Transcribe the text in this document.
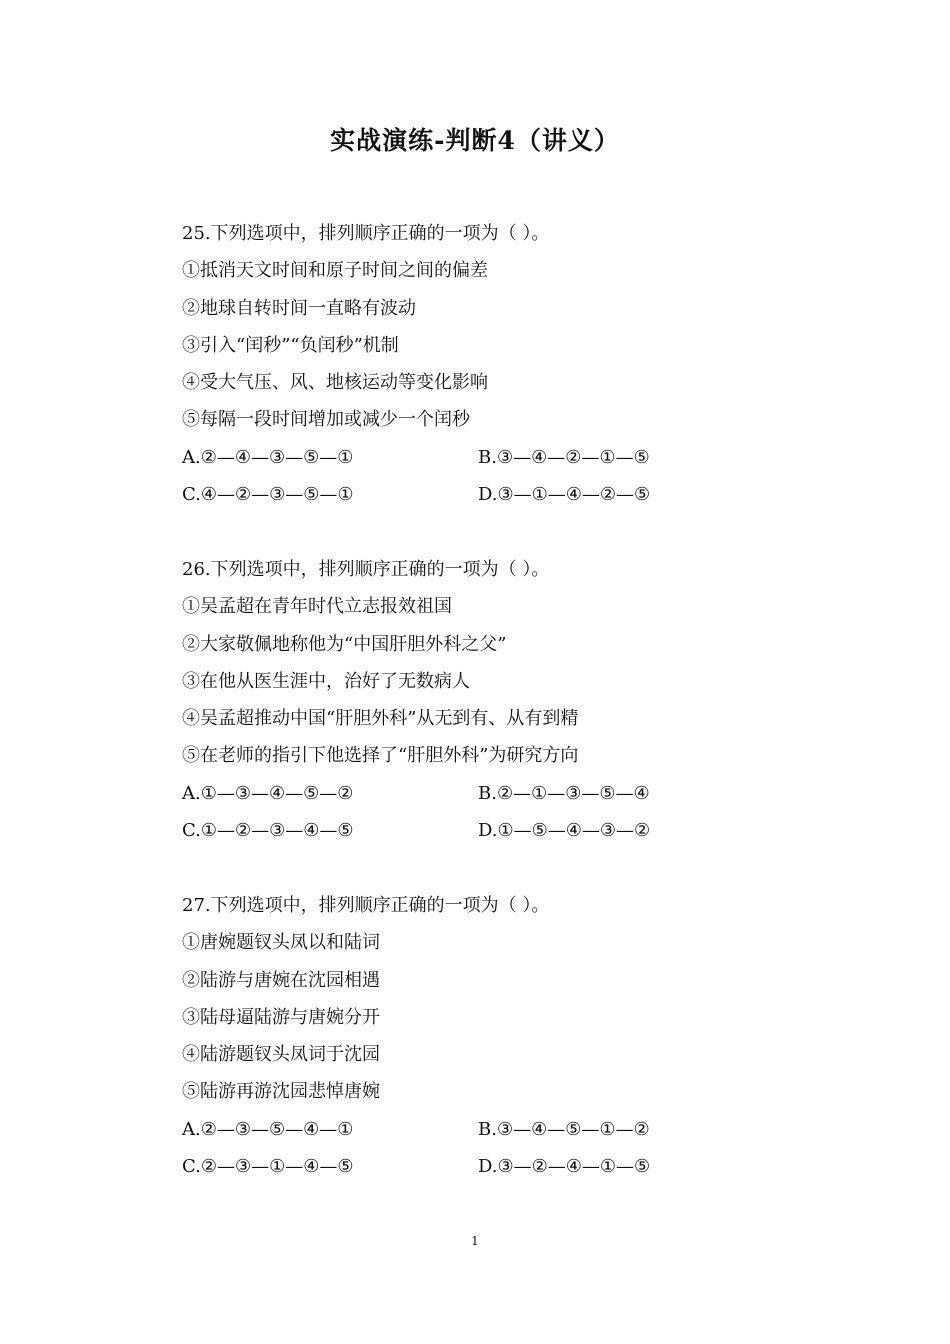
实战演练-判断4（讲义）
25.下列选项中，排列顺序正确的一项为（ ）。
①抵消天文时间和原子时间之间的偏差
②地球自转时间一直略有波动
③引入“闰秒”“负闰秒”机制
④受大气压、风、地核运动等变化影响
⑤每隔一段时间增加或减少一个闰秒
A.②—④—③—⑤—①	B.③—④—②—①—⑤
C.④—②—③—⑤—①	D.③—①—④—②—⑤
26.下列选项中，排列顺序正确的一项为（ ）。
①吴孟超在青年时代立志报效祖国
②大家敬佩地称他为“中国肝胆外科之父”
③在他从医生涯中，治好了无数病人
④吴孟超推动中国“肝胆外科”从无到有、从有到精
⑤在老师的指引下他选择了“肝胆外科”为研究方向
A.①—③—④—⑤—②	B.②—①—③—⑤—④
C.①—②—③—④—⑤	D.①—⑤—④—③—②
27.下列选项中，排列顺序正确的一项为（ ）。
①唐婉题钗头凤以和陆词
②陆游与唐婉在沈园相遇
③陆母逼陆游与唐婉分开
④陆游题钗头凤词于沈园
⑤陆游再游沈园悲悼唐婉
A.②—③—⑤—④—①	B.③—④—⑤—①—②
C.②—③—①—④—⑤	D.③—②—④—①—⑤
1
